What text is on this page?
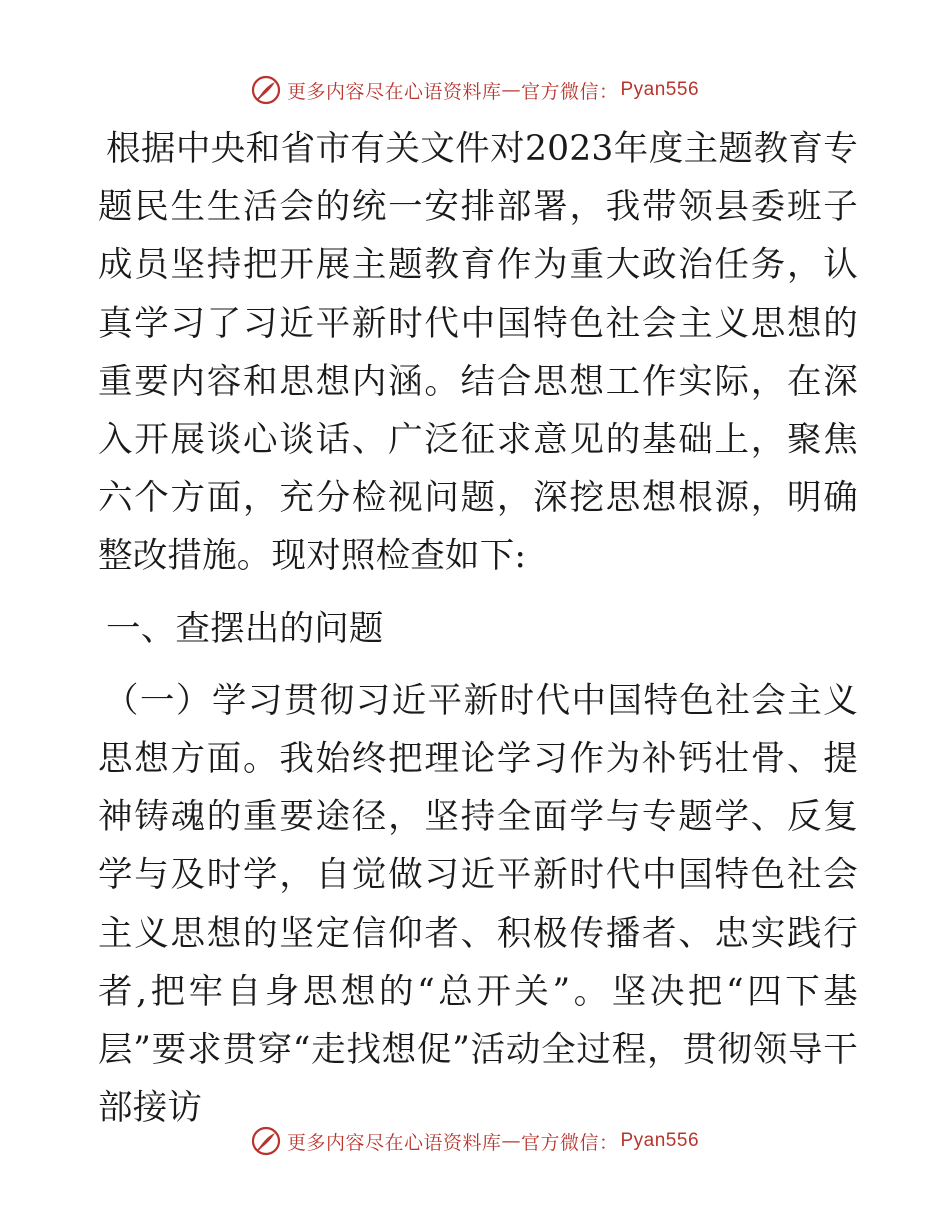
更多内容尽在心语资料库 — 官方微信： Pyan556

根据中央和省市有关文件对2023年度主题教育专题民生生活会的统一安排部署，我带领县委班子成员坚持把开展主题教育作为重大政治任务，认真学习了习近平新时代中国特色社会主义思想的重要内容和思想内涵。结合思想工作实际，在深入开展谈心谈话、广泛征求意见的基础上，聚焦六个方面，充分检视问题，深挖思想根源，明确整改措施。现对照检查如下:

一、查摆出的问题

（一）学习贯彻习近平新时代中国特色社会主义思想方面。我始终把理论学习作为补钙壮骨、提神铸魂的重要途径，坚持全面学与专题学、反复学与及时学，自觉做习近平新时代中国特色社会主义思想的坚定信仰者、积极传播者、忠实践行者,把牢自身思想的“总开关”。坚决把“四下基层”要求贯穿“走找想促”活动全过程，贯彻领导干部接访

更多内容尽在心语资料库 — 官方微信： Pyan556
